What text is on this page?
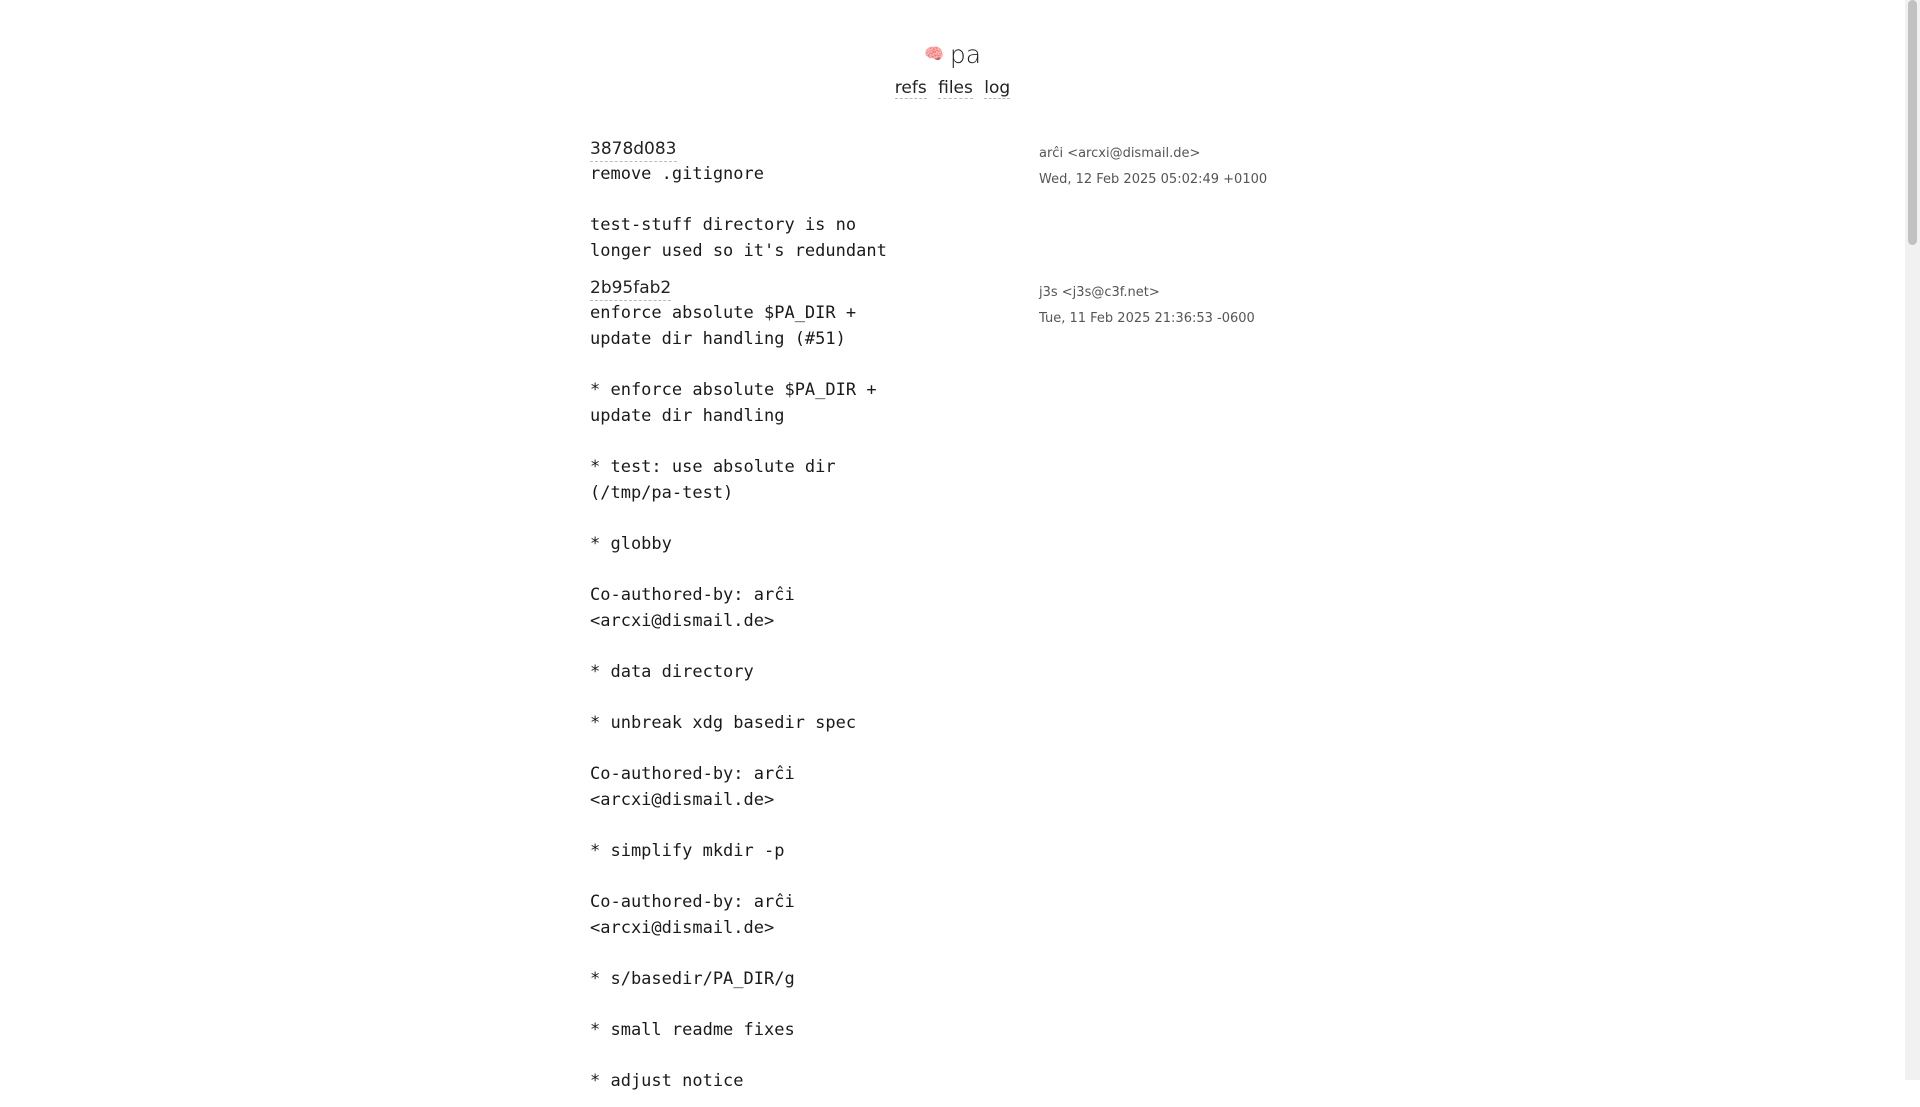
🧠 pa
refs files log
3878d083
remove .gitignore

test-stuff directory is no longer used so it's redundant
arĉi <arcxi@dismail.de>
Wed, 12 Feb 2025 05:02:49 +0100
2b95fab2
enforce absolute $PA_DIR + update dir handling (#51)

* enforce absolute $PA_DIR + update dir handling

* test: use absolute dir (/tmp/pa-test)

* globby

Co-authored-by: arĉi <arcxi@dismail.de>

* data directory

* unbreak xdg basedir spec

Co-authored-by: arĉi <arcxi@dismail.de>

* simplify mkdir -p

Co-authored-by: arĉi <arcxi@dismail.de>

* s/basedir/PA_DIR/g

* small readme fixes

* adjust notice
j3s <j3s@c3f.net>
Tue, 11 Feb 2025 21:36:53 -0600
